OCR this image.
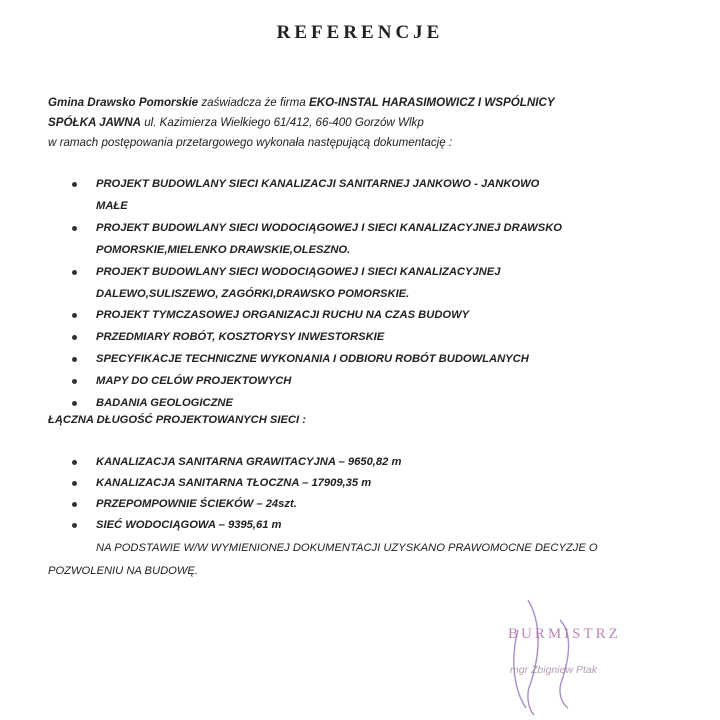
REFERENCJE
Gmina Drawsko Pomorskie zaświadcza że firma EKO-INSTAL HARASIMOWICZ I WSPÓLNICY
SPÓŁKA JAWNA ul. Kazimierza Wielkiego 61/412, 66-400 Gorzów Wlkp
w ramach postępowania przetargowego wykonała następującą dokumentację :
PROJEKT BUDOWLANY SIECI KANALIZACJI SANITARNEJ JANKOWO - JANKOWO
MAŁE
PROJEKT BUDOWLANY SIECI WODOCIĄGOWEJ I SIECI KANALIZACYJNEJ DRAWSKO
POMORSKIE,MIELENKO DRAWSKIE,OLESZNO.
PROJEKT BUDOWLANY SIECI WODOCIĄGOWEJ I SIECI KANALIZACYJNEJ
DALEWO,SULISZEWO, ZAGÓRKI,DRAWSKO POMORSKIE.
PROJEKT TYMCZASOWEJ ORGANIZACJI RUCHU NA CZAS BUDOWY
PRZEDMIARY ROBÓT, KOSZTORYSY INWESTORSKIE
SPECYFIKACJE TECHNICZNE WYKONANIA I ODBIORU ROBÓT BUDOWLANYCH
MAPY DO CELÓW PROJEKTOWYCH
BADANIA GEOLOGICZNE
ŁĄCZNA DŁUGOŚĆ PROJEKTOWANYCH SIECI :
KANALIZACJA SANITARNA GRAWITACYJNA – 9650,82 m
KANALIZACJA SANITARNA TŁOCZNA – 17909,35 m
PRZEPOMPOWNIE ŚCIEKÓW – 24szt.
SIEĆ WODOCIĄGOWA – 9395,61 m
NA PODSTAWIE W/W WYMIENIONEJ DOKUMENTACJI UZYSKANO PRAWOMOCNE DECYZJE O POZWOLENIU NA BUDOWĘ.
BURMISTRZ
mgr Zbigniew Ptak
